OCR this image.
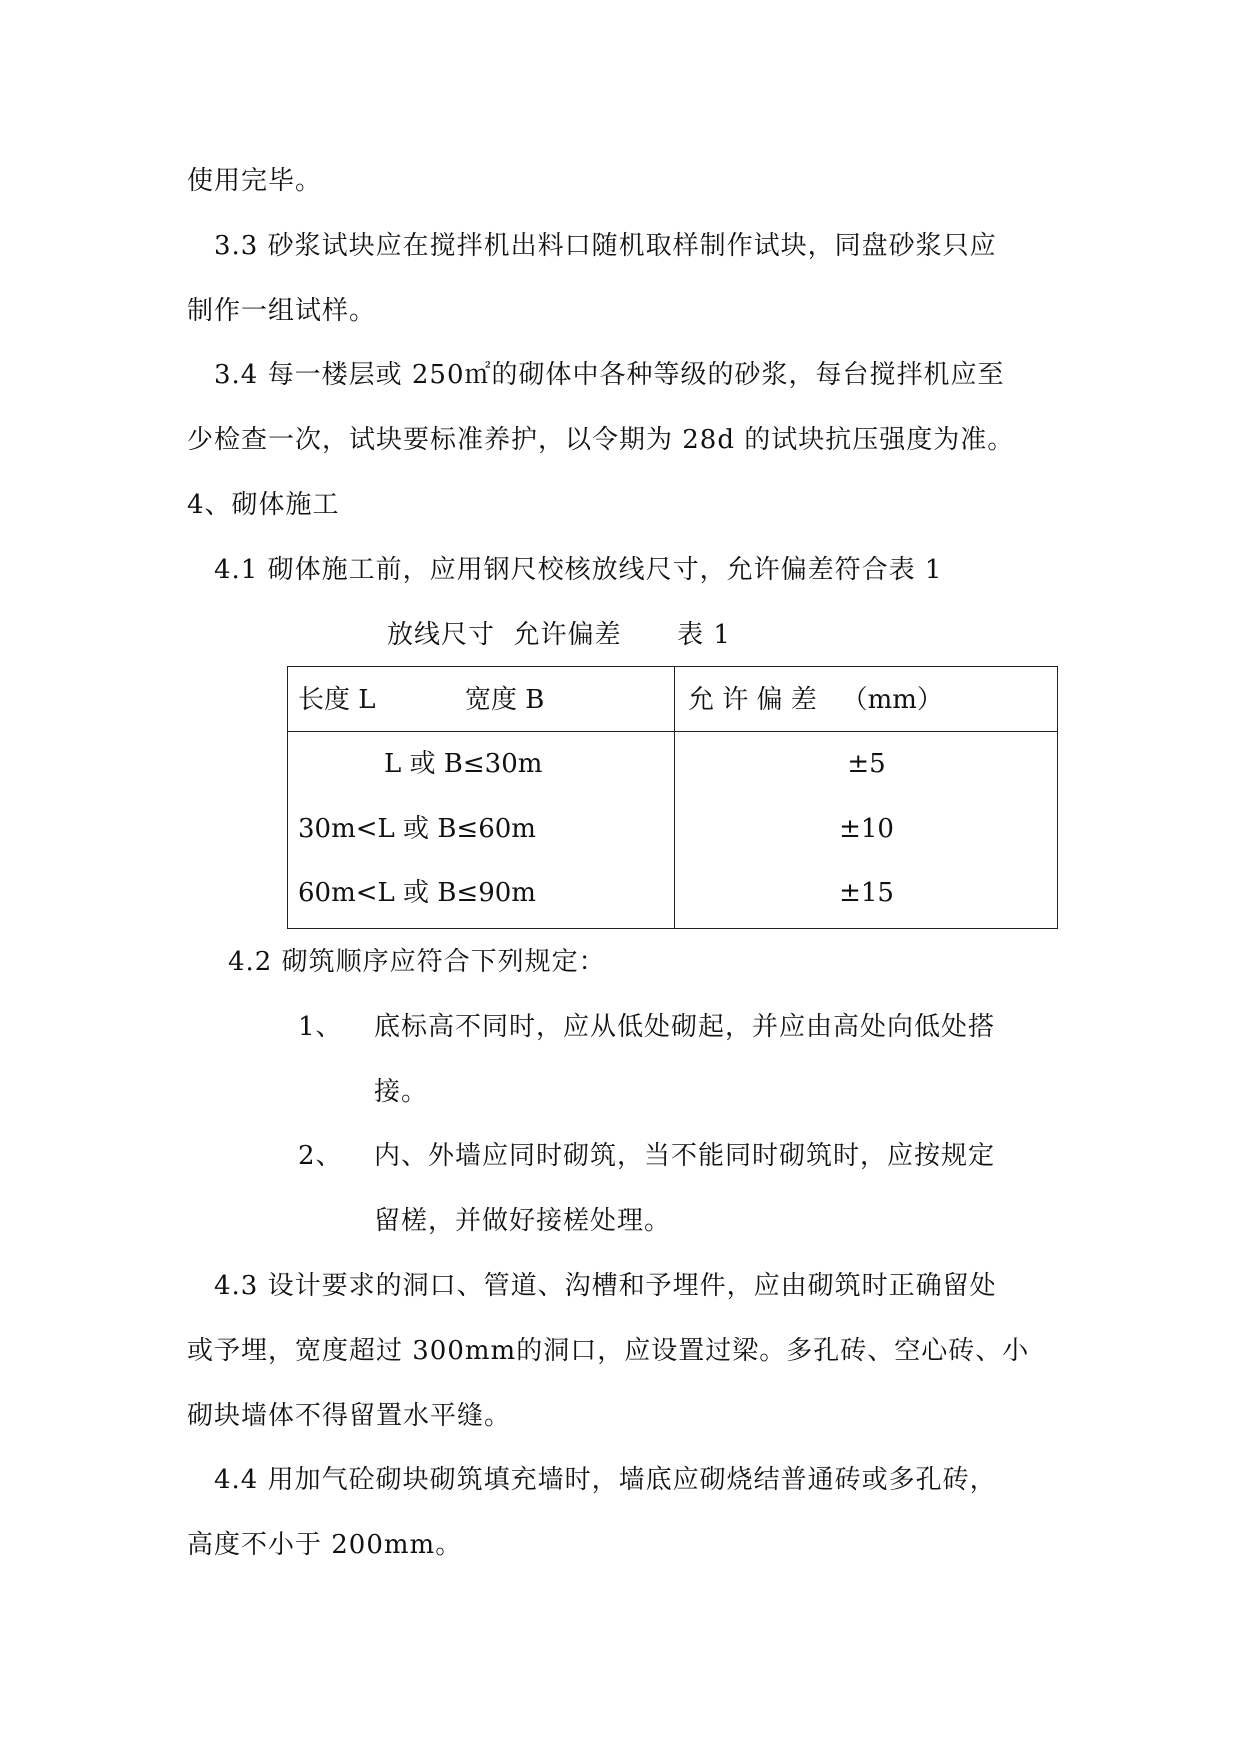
使用完毕。
3.3 砂浆试块应在搅拌机出料口随机取样制作试块，同盘砂浆只应
制作一组试样。
3.4 每一楼层或 250㎡的砌体中各种等级的砂浆，每台搅拌机应至
少检查一次，试块要标准养护，以令期为 28d 的试块抗压强度为准。
4、砌体施工
4.1 砌体施工前，应用钢尺校核放线尺寸，允许偏差符合表 1
放线尺寸  允许偏差      表 1
长度 L	宽度 B	允 许 偏 差   （mm）
L 或 B≤30m	±5
30m<L 或 B≤60m	±10
60m<L 或 B≤90m	±15
4.2 砌筑顺序应符合下列规定：
1、 底标高不同时，应从低处砌起，并应由高处向低处搭
接。
2、 内、外墙应同时砌筑，当不能同时砌筑时，应按规定
留槎，并做好接槎处理。
4.3 设计要求的洞口、管道、沟槽和予埋件，应由砌筑时正确留处
或予埋，宽度超过 300mm的洞口，应设置过梁。多孔砖、空心砖、小
砌块墙体不得留置水平缝。
4.4 用加气砼砌块砌筑填充墙时，墙底应砌烧结普通砖或多孔砖，
高度不小于 200mm。
